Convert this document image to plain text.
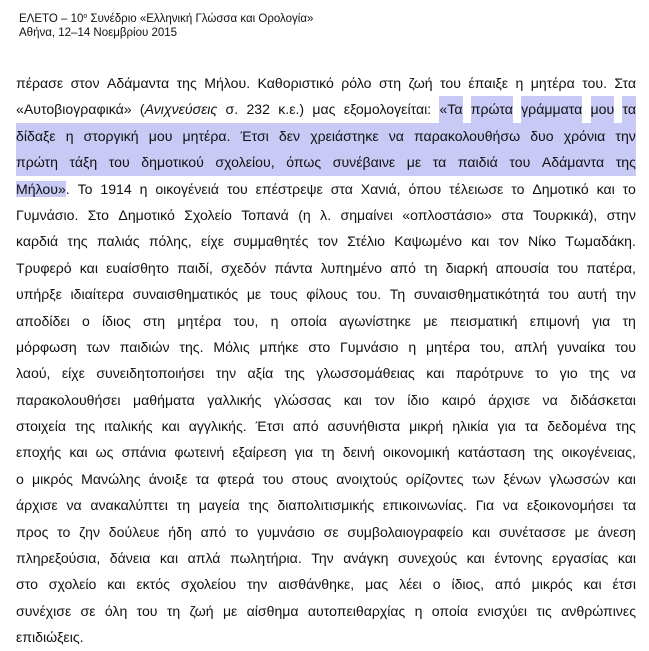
ΕΛΕΤΟ – $10^o$ Συνέδριο «Ελληνική Γλώσσα και Ορολογία»
Αθήνα, 12–14 Νοεμβρίου 2015
πέρασε στον Αδάμαντα της Μήλου. Καθοριστικό ρόλο στη ζωή του έπαιξε η μητέρα του. Στα
«Αυτοβιογραφικά» (Ανιχνεύσεις σ. 232 κ.ε.) μας εξομολογείται: «Τα πρώτα γράμματα μου τα
δίδαξε η στοργική μου μητέρα. Έτσι δεν χρειάστηκε να παρακολουθήσω δυο χρόνια την
πρώτη τάξη του δημοτικού σχολείου, όπως συνέβαινε με τα παιδιά του Αδάμαντα της
Μήλου». Το 1914 η οικογένειά του επέστρεψε στα Χανιά, όπου τέλειωσε το Δημοτικό και το
Γυμνάσιο. Στο Δημοτικό Σχολείο Τοπανά (η λ. σημαίνει «οπλοστάσιο» στα Τουρκικά), στην
καρδιά της παλιάς πόλης, είχε συμμαθητές τον Στέλιο Καψωμένο και τον Νίκο Τωμαδάκη.
Τρυφερό και ευαίσθητο παιδί, σχεδόν πάντα λυπημένο από τη διαρκή απουσία του πατέρα,
υπήρξε ιδιαίτερα συναισθηματικός με τους φίλους του. Τη συναισθηματικότητά του αυτή την
αποδίδει ο ίδιος στη μητέρα του, η οποία αγωνίστηκε με πεισματική επιμονή για τη
μόρφωση των παιδιών της. Μόλις μπήκε στο Γυμνάσιο η μητέρα του, απλή γυναίκα του
λαού, είχε συνειδητοποιήσει την αξία της γλωσσομάθειας και παρότρυνε το γιο της να
παρακολουθήσει μαθήματα γαλλικής γλώσσας και τον ίδιο καιρό άρχισε να διδάσκεται
στοιχεία της ιταλικής και αγγλικής. Έτσι από ασυνήθιστα μικρή ηλικία για τα δεδομένα της
εποχής και ως σπάνια φωτεινή εξαίρεση για τη δεινή οικονομική κατάσταση της οικογένειας,
ο μικρός Μανώλης άνοιξε τα φτερά του στους ανοιχτούς ορίζοντες των ξένων γλωσσών και
άρχισε να ανακαλύπτει τη μαγεία της διαπολιτισμικής επικοινωνίας. Για να εξοικονομήσει τα
προς το ζην δούλευε ήδη από το γυμνάσιο σε συμβολαιογραφείο και συνέτασσε με άνεση
πληρεξούσια, δάνεια και απλά πωλητήρια. Την ανάγκη συνεχούς και έντονης εργασίας και
στο σχολείο και εκτός σχολείου την αισθάνθηκε, μας λέει ο ίδιος, από μικρός και έτσι
συνέχισε σε όλη του τη ζωή με αίσθημα αυτοπειθαρχίας η οποία ενισχύει τις ανθρώπινες
επιδιώξεις.
